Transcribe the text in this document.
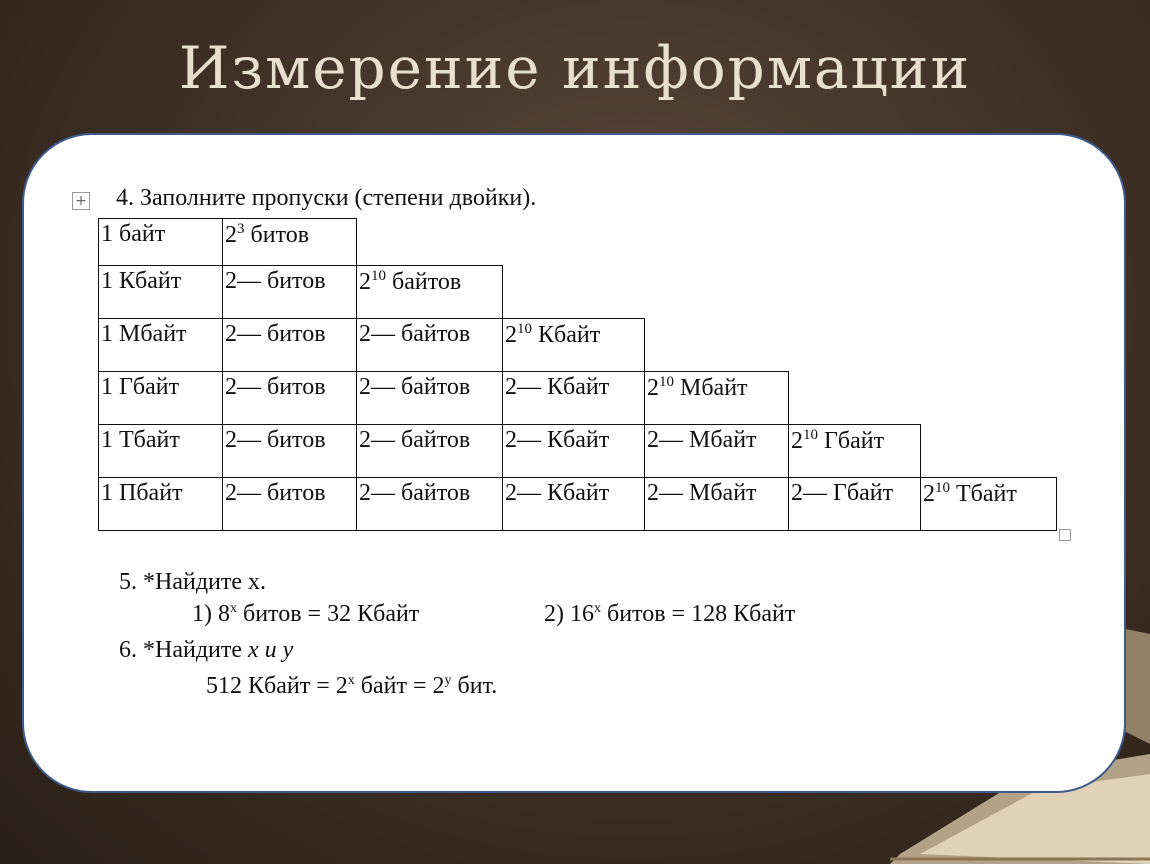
Измерение информации
+ 4. Заполните пропуски (степени двойки).
1 байт	$2^3$ битов
1 Кбайт	2— битов	$2^{10}$ байтов
1 Мбайт	2— битов	2— байтов	$2^{10}$ Кбайт
1 Гбайт	2— битов	2— байтов	2— Кбайт	$2^{10}$ Мбайт
1 Тбайт	2— битов	2— байтов	2— Кбайт	2— Мбайт	$2^{10}$ Гбайт
1 Пбайт	2— битов	2— байтов	2— Кбайт	2— Мбайт	2— Гбайт	$2^{10}$ Тбайт
5. *Найдите х.
1) $8^х$ битов = 32 Кбайт	2) $16^х$ битов = 128 Кбайт
6. *Найдите х и у
512 Кбайт = $2^х$ байт = $2^у$ бит.
